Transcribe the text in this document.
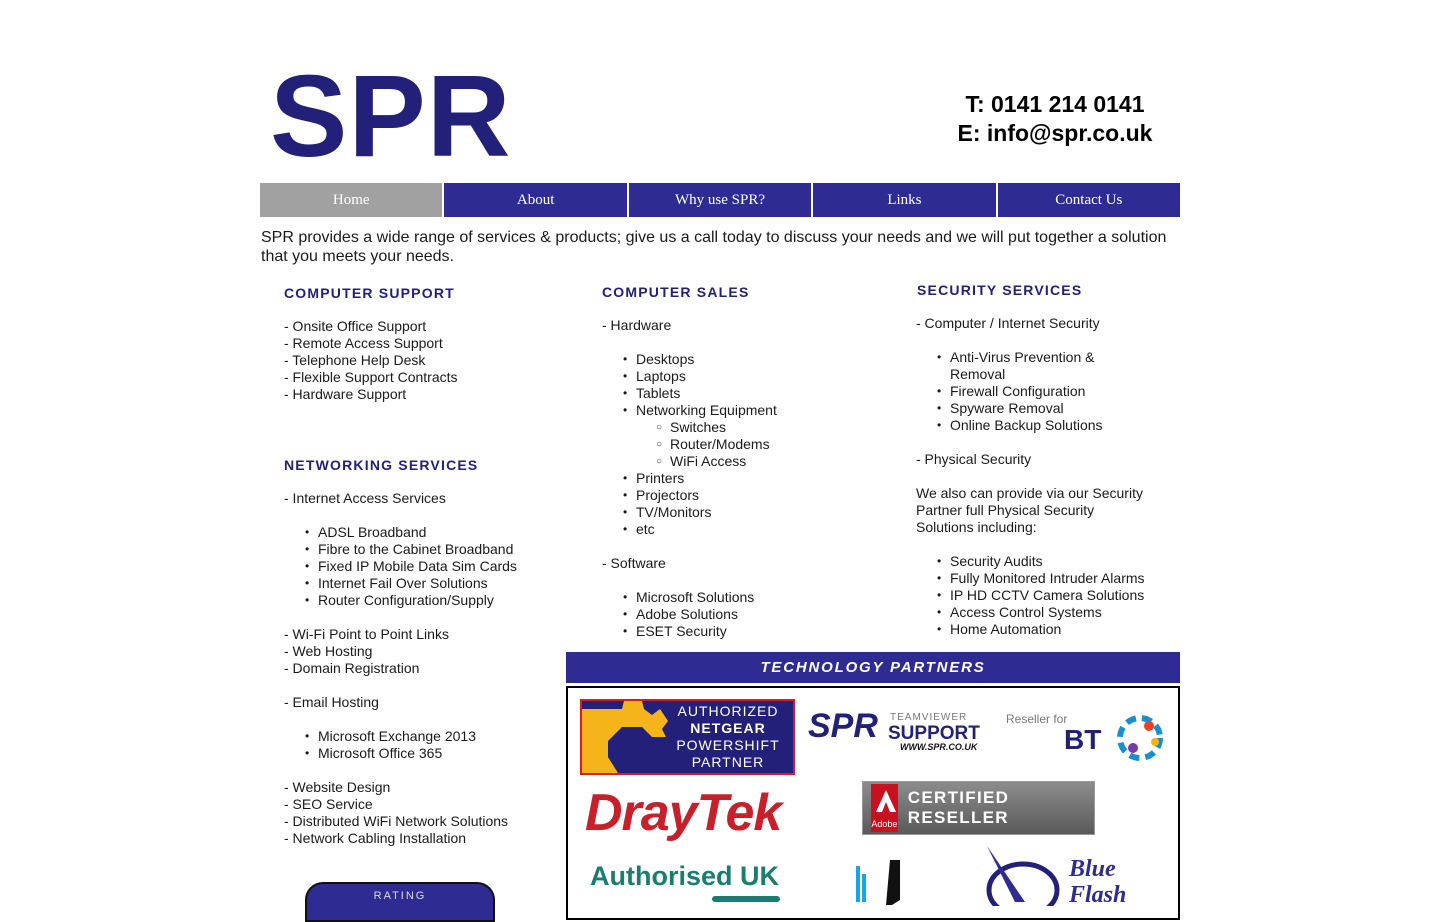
SPR	T: 0141 214 0141
E: info@spr.co.uk
Home	About	Why use SPR?	Links	Contact Us
SPR provides a wide range of services & products; give us a call today to discuss your needs and we will put together a solution that you meets your needs.
COMPUTER SUPPORT
- Onsite Office Support
- Remote Access Support
- Telephone Help Desk
- Flexible Support Contracts
- Hardware Support
NETWORKING SERVICES
- Internet Access Services
• ADSL Broadband
• Fibre to the Cabinet Broadband
• Fixed IP Mobile Data Sim Cards
• Internet Fail Over Solutions
• Router Configuration/Supply
- Wi-Fi Point to Point Links
- Web Hosting
- Domain Registration
- Email Hosting
• Microsoft Exchange 2013
• Microsoft Office 365
- Website Design
- SEO Service
- Distributed WiFi Network Solutions
- Network Cabling Installation
COMPUTER SALES
- Hardware
• Desktops
• Laptops
• Tablets
• Networking Equipment
○ Switches
○ Router/Modems
○ WiFi Access
• Printers
• Projectors
• TV/Monitors
• etc
- Software
• Microsoft Solutions
• Adobe Solutions
• ESET Security
SECURITY SERVICES
- Computer / Internet Security
• Anti-Virus Prevention &
Removal
• Firewall Configuration
• Spyware Removal
• Online Backup Solutions
- Physical Security
We also can provide via our Security
Partner full Physical Security
Solutions including:
• Security Audits
• Fully Monitored Intruder Alarms
• IP HD CCTV Camera Solutions
• Access Control Systems
• Home Automation
TECHNOLOGY PARTNERS
AUTHORIZED
NETGEAR
POWERSHIFT
PARTNER
SPR TEAMVIEWER
SUPPORT
WWW.SPR.CO.UK
Reseller for
BT
DrayTek	Adobe
CERTIFIED RESELLER
Blue
Flash
Authorised UK
RATING
